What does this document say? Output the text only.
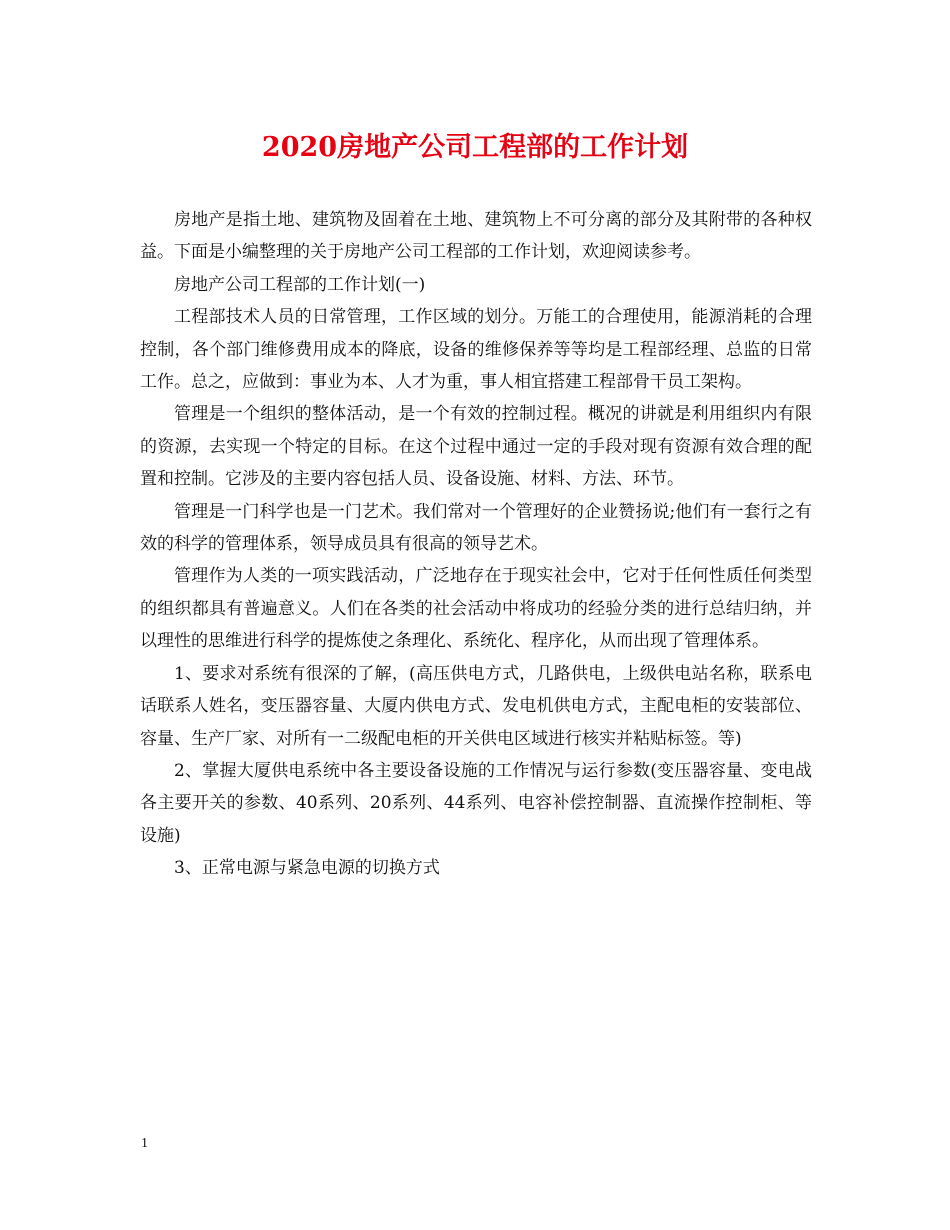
2020房地产公司工程部的工作计划

房地产是指土地、建筑物及固着在土地、建筑物上不可分离的部分及其附带的各种权益。下面是小编整理的关于房地产公司工程部的工作计划，欢迎阅读参考。

房地产公司工程部的工作计划(一)

工程部技术人员的日常管理，工作区域的划分。万能工的合理使用，能源消耗的合理控制，各个部门维修费用成本的降底，设备的维修保养等等均是工程部经理、总监的日常工作。总之，应做到：事业为本、人才为重，事人相宜搭建工程部骨干员工架构。

管理是一个组织的整体活动，是一个有效的控制过程。概况的讲就是利用组织内有限的资源，去实现一个特定的目标。在这个过程中通过一定的手段对现有资源有效合理的配置和控制。它涉及的主要内容包括人员、设备设施、材料、方法、环节。

管理是一门科学也是一门艺术。我们常对一个管理好的企业赞扬说;他们有一套行之有效的科学的管理体系，领导成员具有很高的领导艺术。

管理作为人类的一项实践活动，广泛地存在于现实社会中，它对于任何性质任何类型的组织都具有普遍意义。人们在各类的社会活动中将成功的经验分类的进行总结归纳，并以理性的思维进行科学的提炼使之条理化、系统化、程序化，从而出现了管理体系。

1、要求对系统有很深的了解，(高压供电方式，几路供电，上级供电站名称，联系电话联系人姓名，变压器容量、大厦内供电方式、发电机供电方式，主配电柜的安装部位、容量、生产厂家、对所有一二级配电柜的开关供电区域进行核实并粘贴标签。等)

2、掌握大厦供电系统中各主要设备设施的工作情况与运行参数(变压器容量、变电战各主要开关的参数、40系列、20系列、44系列、电容补偿控制器、直流操作控制柜、等设施)

3、正常电源与紧急电源的切换方式

1
